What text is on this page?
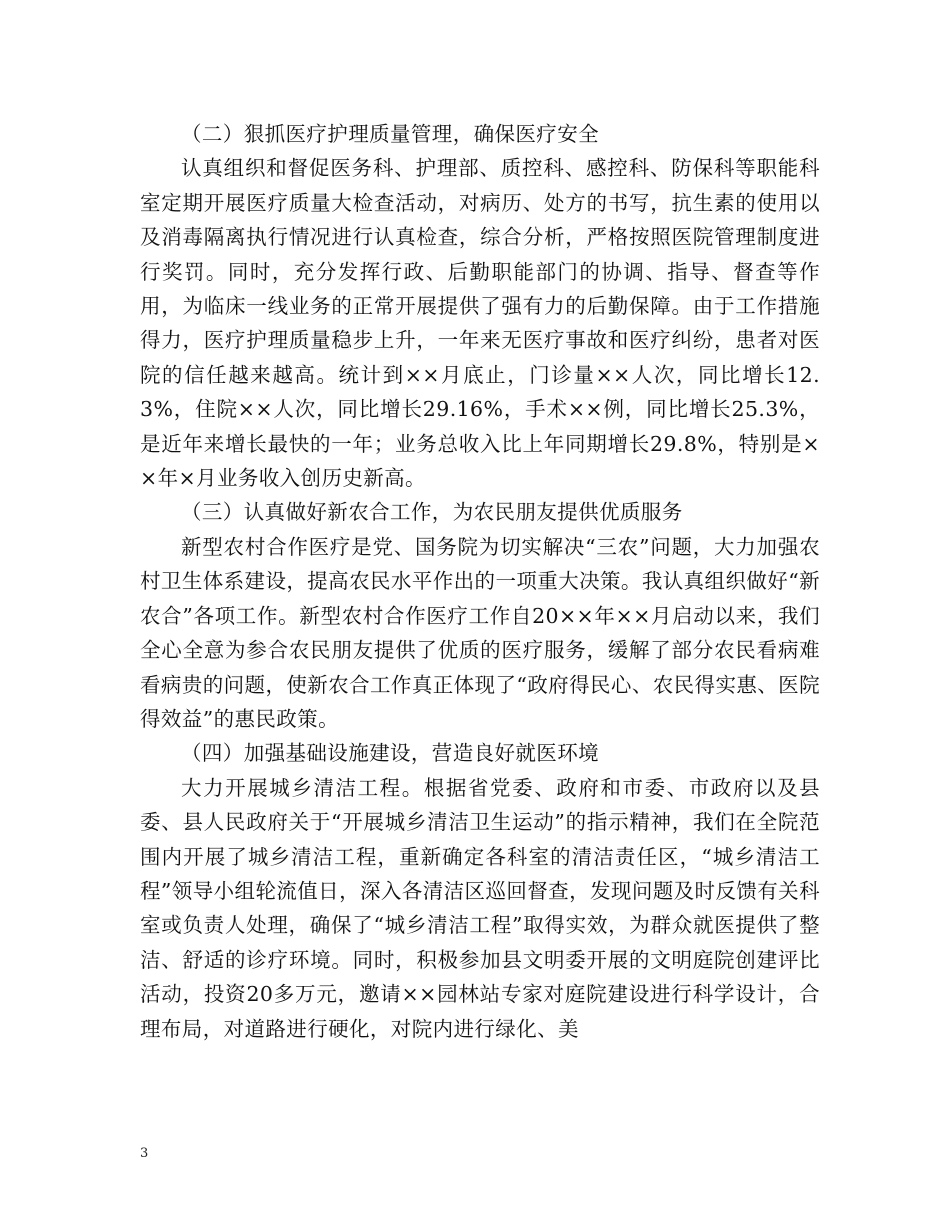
（二）狠抓医疗护理质量管理，确保医疗安全

认真组织和督促医务科、护理部、质控科、感控科、防保科等职能科室定期开展医疗质量大检查活动，对病历、处方的书写，抗生素的使用以及消毒隔离执行情况进行认真检查，综合分析，严格按照医院管理制度进行奖罚。同时，充分发挥行政、后勤职能部门的协调、指导、督查等作用，为临床一线业务的正常开展提供了强有力的后勤保障。由于工作措施得力，医疗护理质量稳步上升，一年来无医疗事故和医疗纠纷，患者对医院的信任越来越高。统计到××月底止，门诊量××人次，同比增长12.3%，住院××人次，同比增长29.16%，手术××例，同比增长25.3%，是近年来增长最快的一年；业务总收入比上年同期增长29.8%，特别是××年×月业务收入创历史新高。

（三）认真做好新农合工作，为农民朋友提供优质服务

新型农村合作医疗是党、国务院为切实解决“三农”问题，大力加强农村卫生体系建设，提高农民水平作出的一项重大决策。我认真组织做好“新农合”各项工作。新型农村合作医疗工作自20××年××月启动以来，我们全心全意为参合农民朋友提供了优质的医疗服务，缓解了部分农民看病难看病贵的问题，使新农合工作真正体现了“政府得民心、农民得实惠、医院得效益”的惠民政策。

（四）加强基础设施建设，营造良好就医环境

大力开展城乡清洁工程。根据省党委、政府和市委、市政府以及县委、县人民政府关于“开展城乡清洁卫生运动”的指示精神，我们在全院范围内开展了城乡清洁工程，重新确定各科室的清洁责任区，“城乡清洁工程”领导小组轮流值日，深入各清洁区巡回督查，发现问题及时反馈有关科室或负责人处理，确保了“城乡清洁工程”取得实效，为群众就医提供了整洁、舒适的诊疗环境。同时，积极参加县文明委开展的文明庭院创建评比活动，投资20多万元，邀请××园林站专家对庭院建设进行科学设计，合理布局，对道路进行硬化，对院内进行绿化、美

3
